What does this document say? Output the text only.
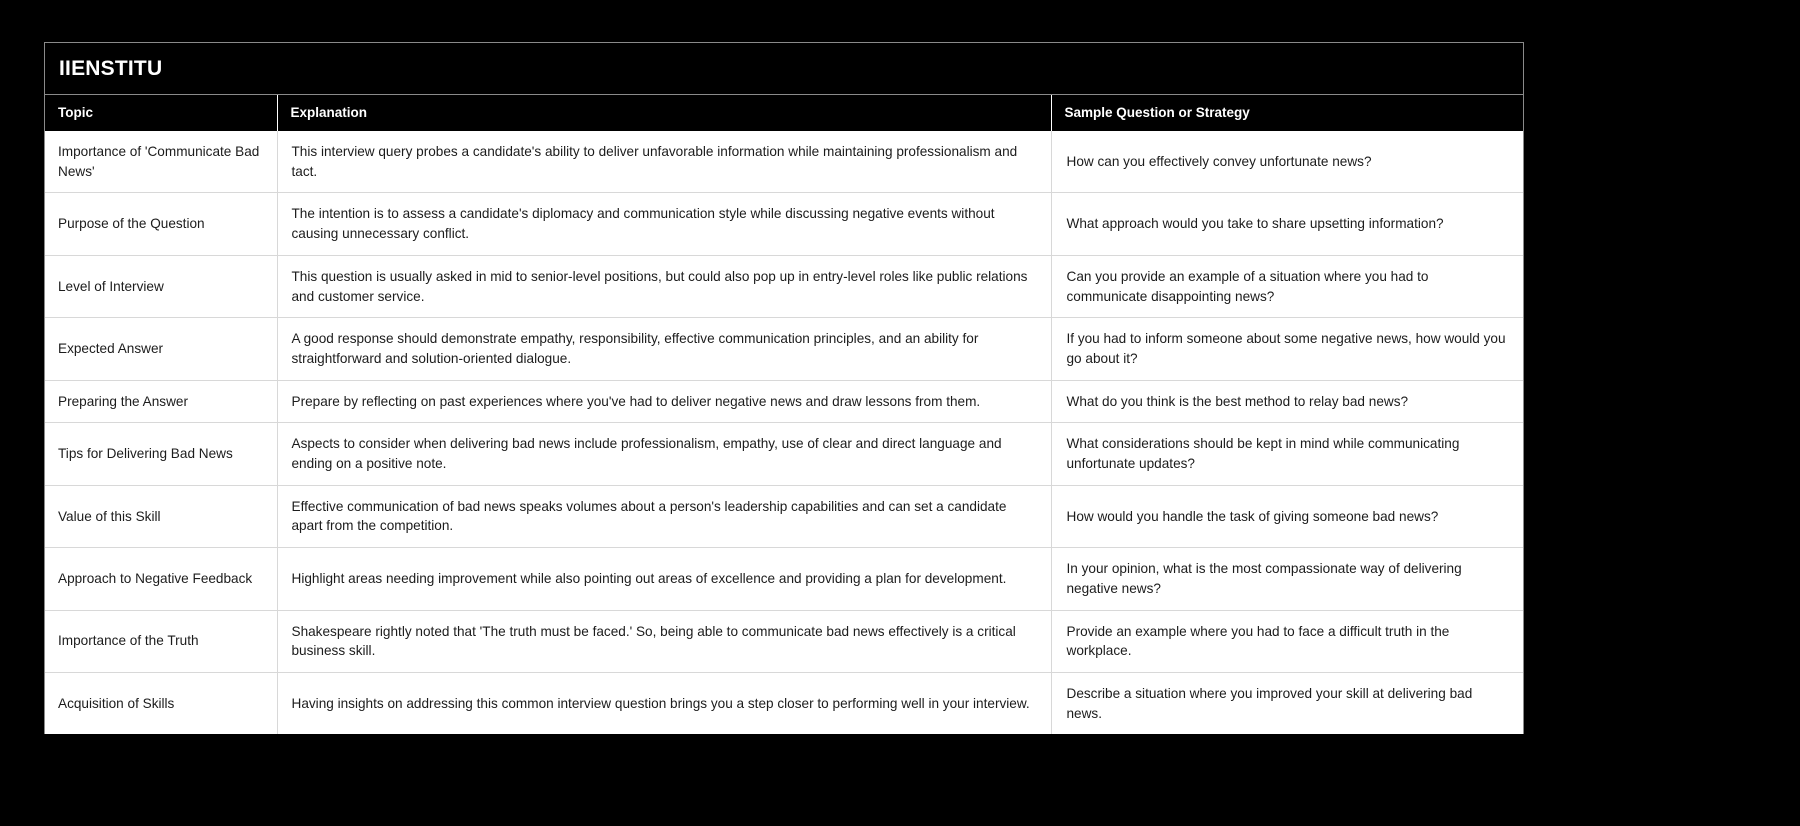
IIENSTITU
Topic	Explanation	Sample Question or Strategy
Importance of 'Communicate Bad News'	This interview query probes a candidate's ability to deliver unfavorable information while maintaining professionalism and tact.	How can you effectively convey unfortunate news?
Purpose of the Question	The intention is to assess a candidate's diplomacy and communication style while discussing negative events without causing unnecessary conflict.	What approach would you take to share upsetting information?
Level of Interview	This question is usually asked in mid to senior-level positions, but could also pop up in entry-level roles like public relations and customer service.	Can you provide an example of a situation where you had to communicate disappointing news?
Expected Answer	A good response should demonstrate empathy, responsibility, effective communication principles, and an ability for straightforward and solution-oriented dialogue.	If you had to inform someone about some negative news, how would you go about it?
Preparing the Answer	Prepare by reflecting on past experiences where you've had to deliver negative news and draw lessons from them.	What do you think is the best method to relay bad news?
Tips for Delivering Bad News	Aspects to consider when delivering bad news include professionalism, empathy, use of clear and direct language and ending on a positive note.	What considerations should be kept in mind while communicating unfortunate updates?
Value of this Skill	Effective communication of bad news speaks volumes about a person's leadership capabilities and can set a candidate apart from the competition.	How would you handle the task of giving someone bad news?
Approach to Negative Feedback	Highlight areas needing improvement while also pointing out areas of excellence and providing a plan for development.	In your opinion, what is the most compassionate way of delivering negative news?
Importance of the Truth	Shakespeare rightly noted that 'The truth must be faced.' So, being able to communicate bad news effectively is a critical business skill.	Provide an example where you had to face a difficult truth in the workplace.
Acquisition of Skills	Having insights on addressing this common interview question brings you a step closer to performing well in your interview.	Describe a situation where you improved your skill at delivering bad news.
